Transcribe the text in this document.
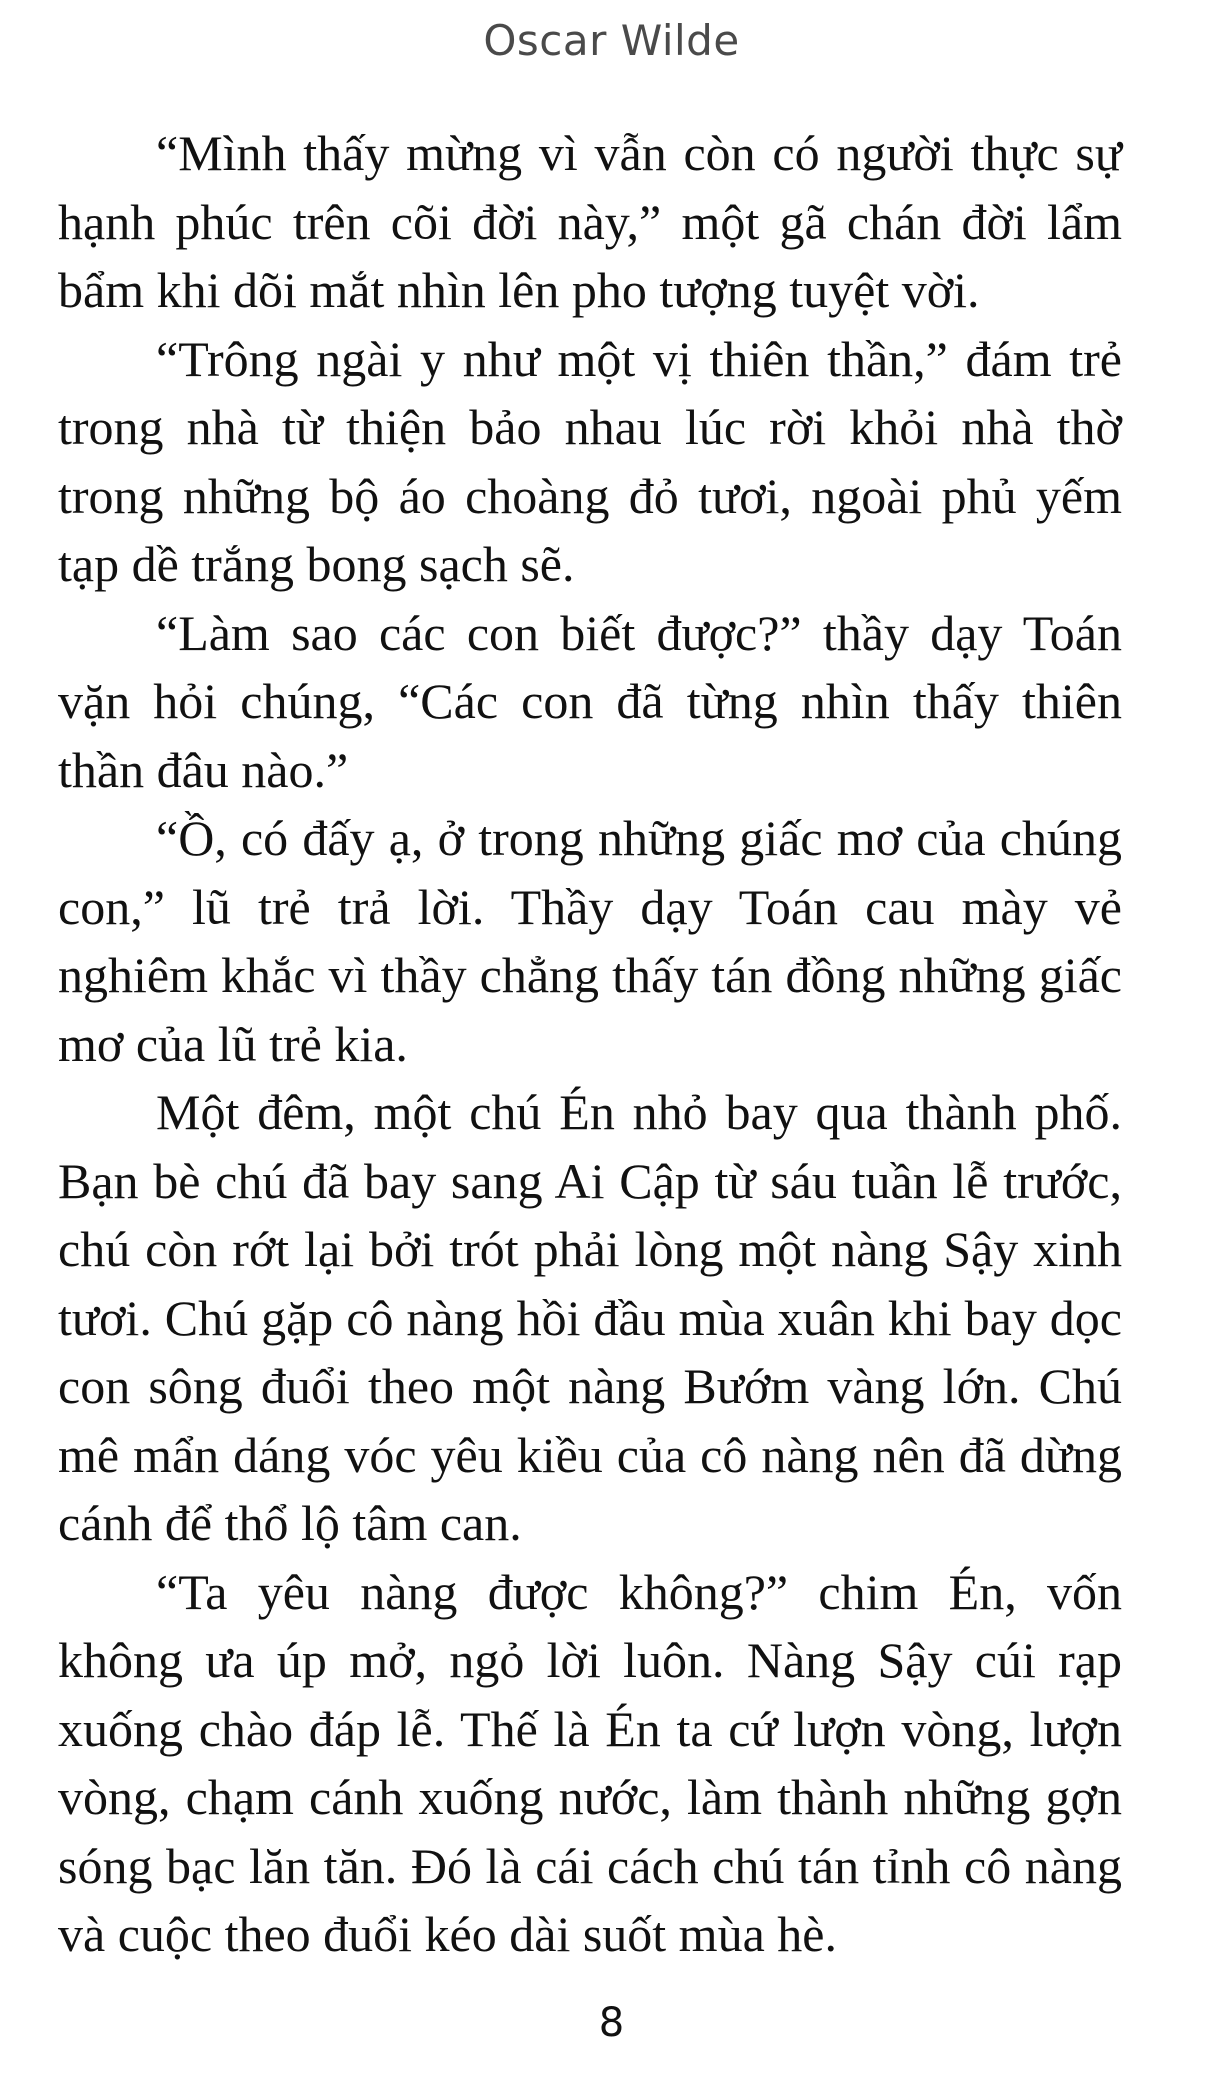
Oscar Wilde

“Mình thấy mừng vì vẫn còn có người thực sự hạnh phúc trên cõi đời này,” một gã chán đời lẩm bẩm khi dõi mắt nhìn lên pho tượng tuyệt vời.

“Trông ngài y như một vị thiên thần,” đám trẻ trong nhà từ thiện bảo nhau lúc rời khỏi nhà thờ trong những bộ áo choàng đỏ tươi, ngoài phủ yếm tạp dề trắng bong sạch sẽ.

“Làm sao các con biết được?” thầy dạy Toán vặn hỏi chúng, “Các con đã từng nhìn thấy thiên thần đâu nào.”

“Ồ, có đấy ạ, ở trong những giấc mơ của chúng con,” lũ trẻ trả lời. Thầy dạy Toán cau mày vẻ nghiêm khắc vì thầy chẳng thấy tán đồng những giấc mơ của lũ trẻ kia.

Một đêm, một chú Én nhỏ bay qua thành phố. Bạn bè chú đã bay sang Ai Cập từ sáu tuần lễ trước, chú còn rớt lại bởi trót phải lòng một nàng Sậy xinh tươi. Chú gặp cô nàng hồi đầu mùa xuân khi bay dọc con sông đuổi theo một nàng Bướm vàng lớn. Chú mê mẩn dáng vóc yêu kiều của cô nàng nên đã dừng cánh để thổ lộ tâm can.

“Ta yêu nàng được không?” chim Én, vốn không ưa úp mở, ngỏ lời luôn. Nàng Sậy cúi rạp xuống chào đáp lễ. Thế là Én ta cứ lượn vòng, lượn vòng, chạm cánh xuống nước, làm thành những gợn sóng bạc lăn tăn. Đó là cái cách chú tán tỉnh cô nàng và cuộc theo đuổi kéo dài suốt mùa hè.

8
